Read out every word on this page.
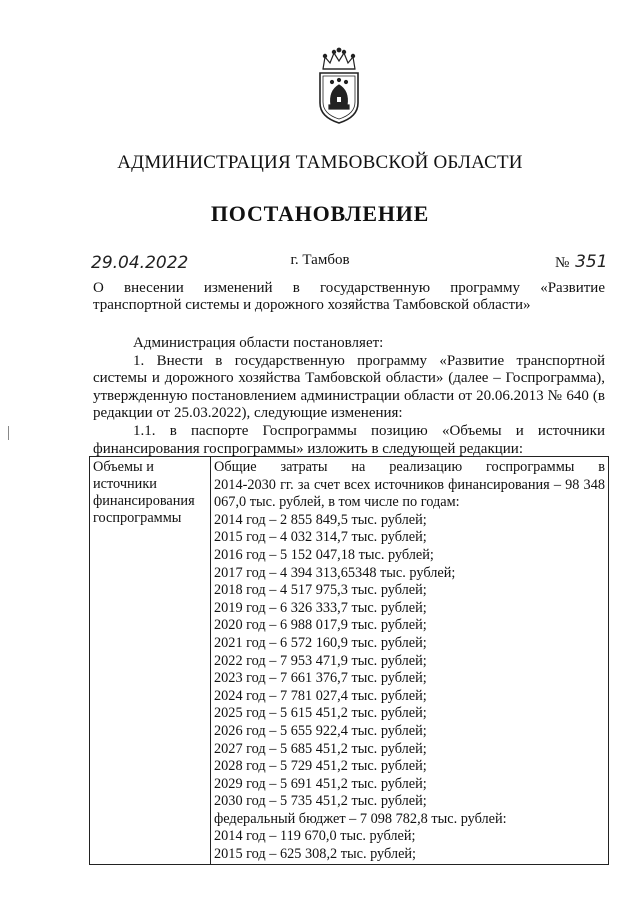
АДМИНИСТРАЦИЯ ТАМБОВСКОЙ ОБЛАСТИ
ПОСТАНОВЛЕНИЕ
29.04.2022	г. Тамбов	№ 351
О внесении изменений в государственную программу «Развитие
транспортной системы и дорожного хозяйства Тамбовской области»

Администрация области постановляет:

1. Внести в государственную программу «Развитие транспортной

системы и дорожного хозяйства Тамбовской области» (далее – Госпрограмма), утвержденную постановлением администрации области от 20.06.2013 № 640 (в редакции от 25.03.2022), следующие изменения:

1.1. в паспорте Госпрограммы позицию «Объемы и источники

финансирования госпрограммы» изложить в следующей редакции:

Объемы и источники финансирования госпрограммы	
Общие затраты на реализацию госпрограммы в
2014-2030 гг. за счет всех источников финансирования – 98 348 067,0 тыс. рублей, в том числе по годам:
2014 год – 2 855 849,5 тыс. рублей;
2015 год – 4 032 314,7 тыс. рублей;
2016 год – 5 152 047,18 тыс. рублей;
2017 год – 4 394 313,65348 тыс. рублей;
2018 год – 4 517 975,3 тыс. рублей;
2019 год – 6 326 333,7 тыс. рублей;
2020 год – 6 988 017,9 тыс. рублей;
2021 год – 6 572 160,9 тыс. рублей;
2022 год – 7 953 471,9 тыс. рублей;
2023 год – 7 661 376,7 тыс. рублей;
2024 год – 7 781 027,4 тыс. рублей;
2025 год – 5 615 451,2 тыс. рублей;
2026 год – 5 655 922,4 тыс. рублей;
2027 год – 5 685 451,2 тыс. рублей;
2028 год – 5 729 451,2 тыс. рублей;
2029 год – 5 691 451,2 тыс. рублей;
2030 год – 5 735 451,2 тыс. рублей;
федеральный бюджет – 7 098 782,8 тыс. рублей:
2014 год – 119 670,0 тыс. рублей;
2015 год – 625 308,2 тыс. рублей;
